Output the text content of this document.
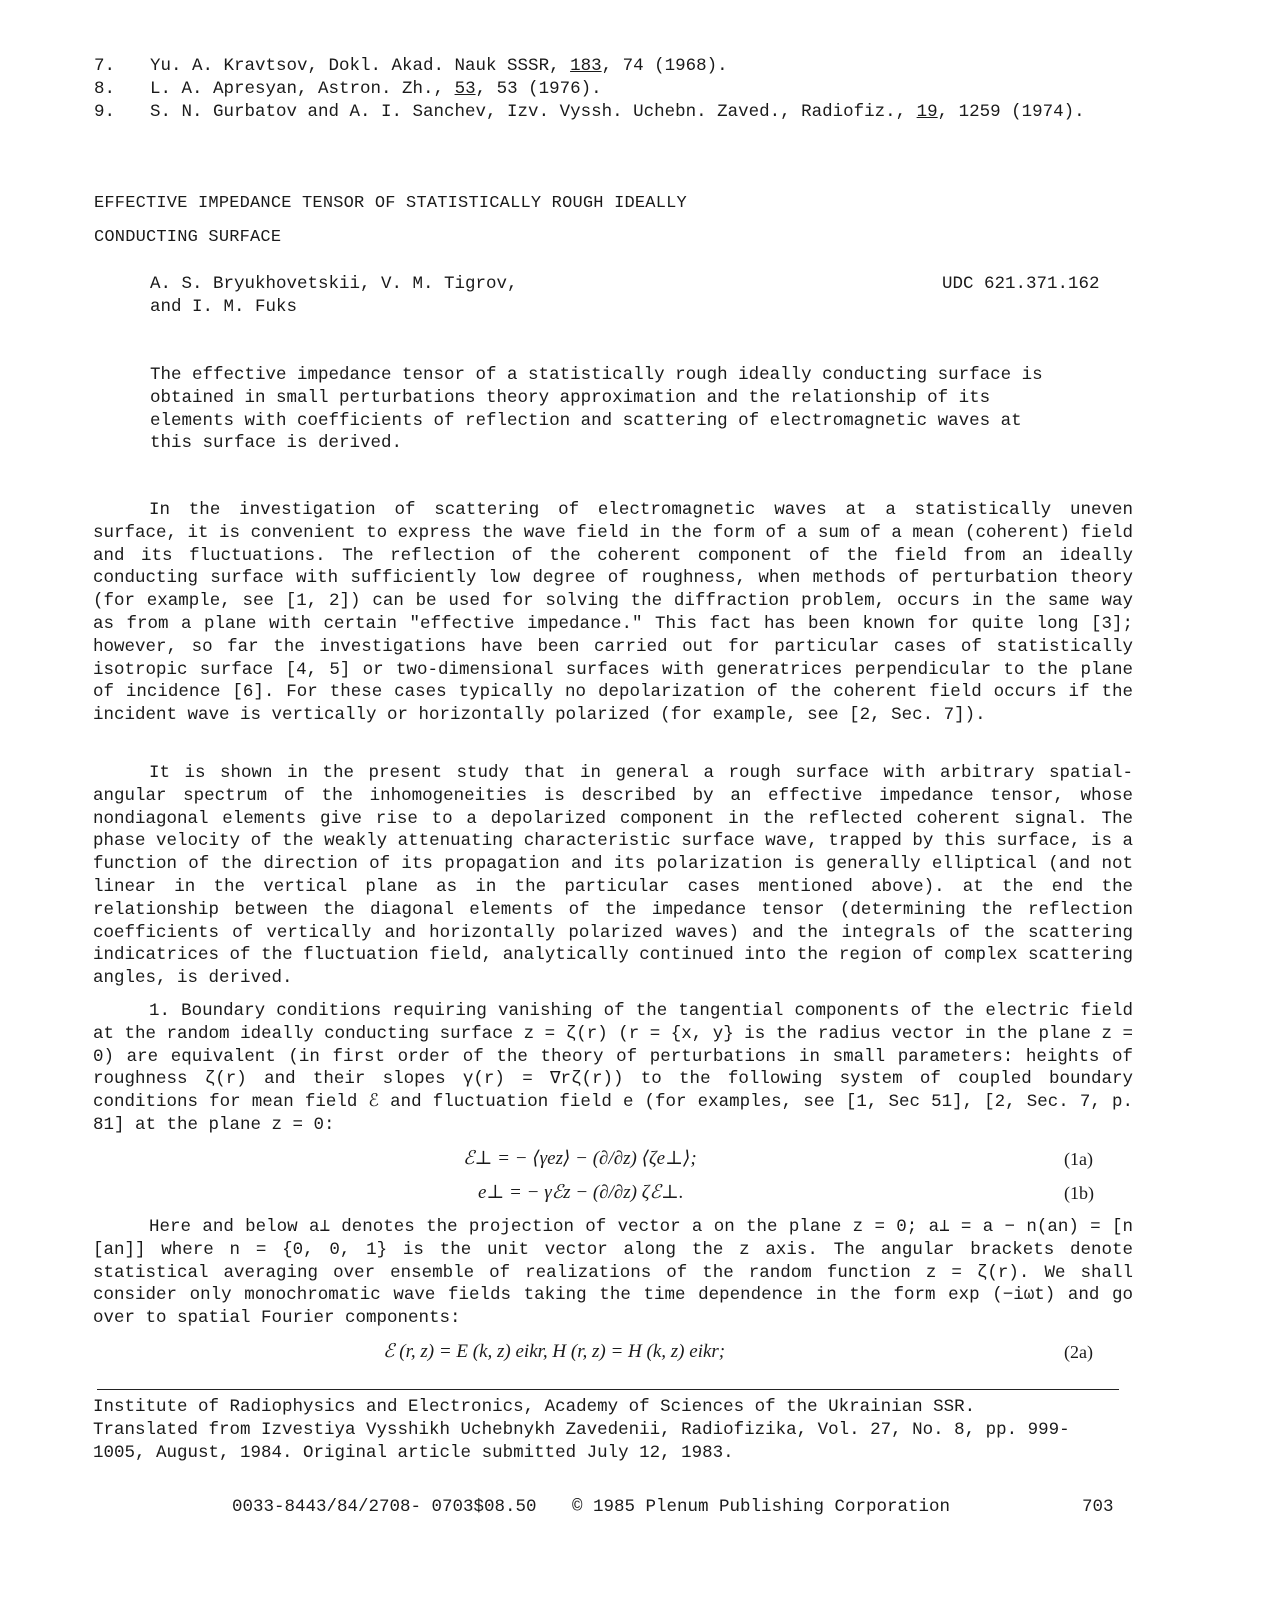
7. Yu. A. Kravtsov, Dokl. Akad. Nauk SSSR, 183, 74 (1968).
8. L. A. Apresyan, Astron. Zh., 53, 53 (1976).
9. S. N. Gurbatov and A. I. Sanchev, Izv. Vyssh. Uchebn. Zaved., Radiofiz., 19, 1259 (1974).
EFFECTIVE IMPEDANCE TENSOR OF STATISTICALLY ROUGH IDEALLY
CONDUCTING SURFACE
A. S. Bryukhovetskii, V. M. Tigrov,
and I. M. Fuks
UDC 621.371.162
The effective impedance tensor of a statistically rough ideally conducting surface is obtained in small perturbations theory approximation and the relationship of its elements with coefficients of reflection and scattering of electromagnetic waves at this surface is derived.
In the investigation of scattering of electromagnetic waves at a statistically uneven surface, it is convenient to express the wave field in the form of a sum of a mean (coherent) field and its fluctuations. The reflection of the coherent component of the field from an ideally conducting surface with sufficiently low degree of roughness, when methods of perturbation theory (for example, see [1, 2]) can be used for solving the diffraction problem, occurs in the same way as from a plane with certain "effective impedance." This fact has been known for quite long [3]; however, so far the investigations have been carried out for particular cases of statistically isotropic surface [4, 5] or two-dimensional surfaces with generatrices perpendicular to the plane of incidence [6]. For these cases typically no depolarization of the coherent field occurs if the incident wave is vertically or horizontally polarized (for example, see [2, Sec. 7]).
It is shown in the present study that in general a rough surface with arbitrary spatial-angular spectrum of the inhomogeneities is described by an effective impedance tensor, whose nondiagonal elements give rise to a depolarized component in the reflected coherent signal. The phase velocity of the weakly attenuating characteristic surface wave, trapped by this surface, is a function of the direction of its propagation and its polarization is generally elliptical (and not linear in the vertical plane as in the particular cases mentioned above). at the end the relationship between the diagonal elements of the impedance tensor (determining the reflection coefficients of vertically and horizontally polarized waves) and the integrals of the scattering indicatrices of the fluctuation field, analytically continued into the region of complex scattering angles, is derived.
1. Boundary conditions requiring vanishing of the tangential components of the electric field at the random ideally conducting surface z = ζ(r) (r = {x, y} is the radius vector in the plane z = 0) are equivalent (in first order of the theory of perturbations in small parameters: heights of roughness ζ(r) and their slopes γ(r) = ∇rζ(r)) to the following system of coupled boundary conditions for mean field ℰ and fluctuation field e (for examples, see [1, Sec 51], [2, Sec. 7, p. 81] at the plane z = 0:
ℰ⊥ = − ⟨γez⟩ − (∂/∂z) ⟨ζe⊥⟩;	(1a)
e⊥ = − γℰz − (∂/∂z) ζℰ⊥.	(1b)
Here and below a⊥ denotes the projection of vector a on the plane z = 0; a⊥ = a − n(an) = [n [an]] where n = {0, 0, 1} is the unit vector along the z axis. The angular brackets denote statistical averaging over ensemble of realizations of the random function z = ζ(r). We shall consider only monochromatic wave fields taking the time dependence in the form exp (−iωt) and go over to spatial Fourier components:
ℰ (r, z) = E (k, z) eikr, H (r, z) = H (k, z) eikr;	(2a)
Institute of Radiophysics and Electronics, Academy of Sciences of the Ukrainian SSR.
Translated from Izvestiya Vysshikh Uchebnykh Zavedenii, Radiofizika, Vol. 27, No. 8, pp. 999-
1005, August, 1984. Original article submitted July 12, 1983.
0033-8443/84/2708- 0703$08.50 © 1985 Plenum Publishing Corporation	703
